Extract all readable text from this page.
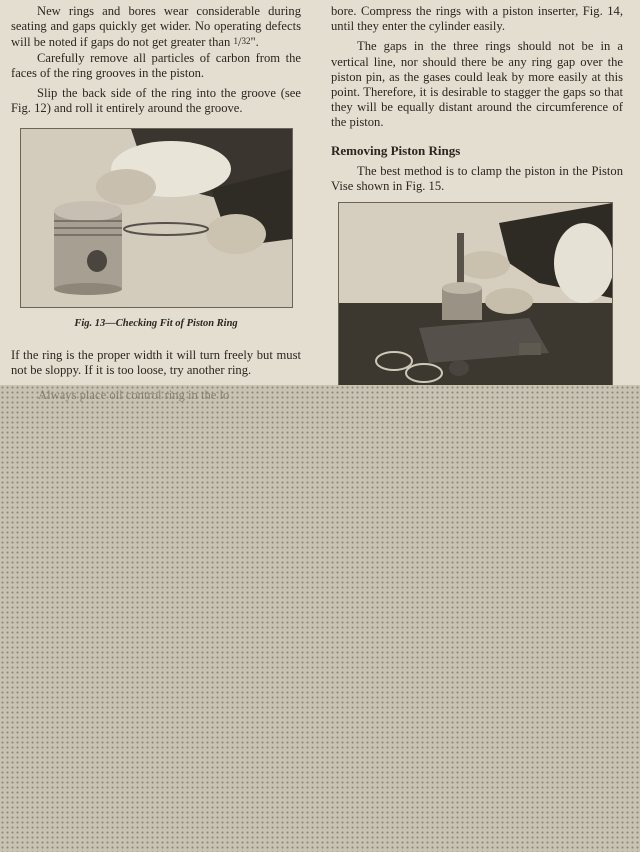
New rings and bores wear considerable during seating and gaps quickly get wider. No operating defects will be noted if gaps do not get greater than 1/32".

Carefully remove all particles of carbon from the faces of the ring grooves in the piston.

Slip the back side of the ring into the groove (see Fig. 12) and roll it entirely around the groove.

Fig. 13—Checking Fit of Piston Ring

If the ring is the proper width it will turn freely but must not be sloppy. If it is too loose, try another ring.

bore. Compress the rings with a piston inserter, Fig. 14, until they enter the cylinder easily.

The gaps in the three rings should not be in a vertical line, nor should there be any ring gap over the piston pin, as the gases could leak by more easily at this point. Therefore, it is desirable to stagger the gaps so that they will be equally distant around the circumference of the piston.

Removing Piston Rings

The best method is to clamp the piston in the Piston Vise shown in Fig. 15.

Always place oil control ring in the lo
